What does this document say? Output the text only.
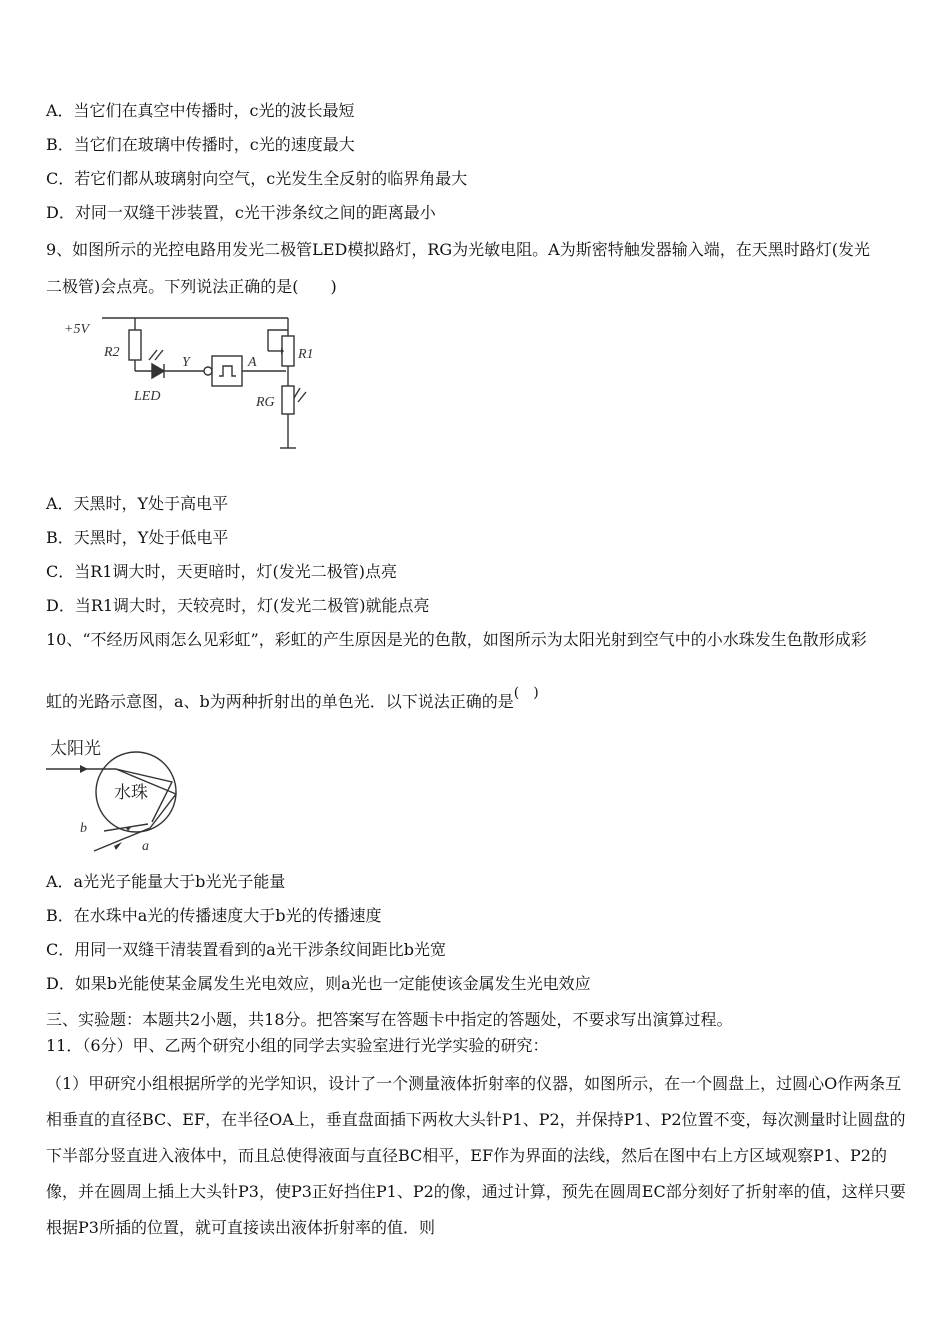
A．当它们在真空中传播时，c光的波长最短
B．当它们在玻璃中传播时，c光的速度最大
C．若它们都从玻璃射向空气，c光发生全反射的临界角最大
D．对同一双缝干涉装置，c光干涉条纹之间的距离最小
9、如图所示的光控电路用发光二极管LED模拟路灯，RG为光敏电阻。A为斯密特触发器输入端，在天黑时路灯(发光
二极管)会点亮。下列说法正确的是(　　)
+5V
R2
Y	A
R1
LED	RG
A．天黑时，Y处于高电平
B．天黑时，Y处于低电平
C．当R1调大时，天更暗时，灯(发光二极管)点亮
D．当R1调大时，天较亮时，灯(发光二极管)就能点亮
10、“不经历风雨怎么见彩虹”，彩虹的产生原因是光的色散，如图所示为太阳光射到空气中的小水珠发生色散形成彩
虹的光路示意图，a、b为两种折射出的单色光．以下说法正确的是(　)
太阳光
水珠
b
a
A．a光光子能量大于b光光子能量
B．在水珠中a光的传播速度大于b光的传播速度
C．用同一双缝干清装置看到的a光干涉条纹间距比b光宽
D．如果b光能使某金属发生光电效应，则a光也一定能使该金属发生光电效应
三、实验题：本题共2小题，共18分。把答案写在答题卡中指定的答题处，不要求写出演算过程。
11．（6分）甲、乙两个研究小组的同学去实验室进行光学实验的研究：
（1）甲研究小组根据所学的光学知识，设计了一个测量液体折射率的仪器，如图所示，在一个圆盘上，过圆心O作两条互相垂直的直径BC、EF，在半径OA上，垂直盘面插下两枚大头针P1、P2，并保持P1、P2位置不变，每次测量时让圆盘的下半部分竖直进入液体中，而且总使得液面与直径BC相平，EF作为界面的法线，然后在图中右上方区域观察P1、P2的像，并在圆周上插上大头针P3，使P3正好挡住P1、P2的像，通过计算，预先在圆周EC部分刻好了折射率的值，这样只要根据P3所插的位置，就可直接读出液体折射率的值．则
